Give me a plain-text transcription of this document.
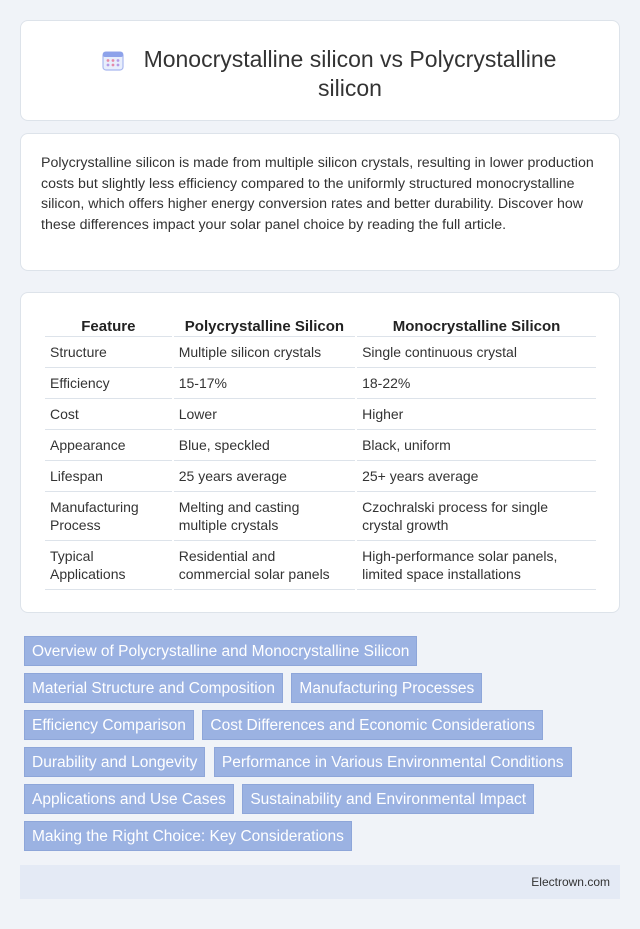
Monocrystalline silicon vs Polycrystalline silicon

Polycrystalline silicon is made from multiple silicon crystals, resulting in lower production costs but slightly less efficiency compared to the uniformly structured monocrystalline silicon, which offers higher energy conversion rates and better durability. Discover how these differences impact your solar panel choice by reading the full article.

Feature	Polycrystalline Silicon	Monocrystalline Silicon
Structure	Multiple silicon crystals	Single continuous crystal
Efficiency	15-17%	18-22%
Cost	Lower	Higher
Appearance	Blue, speckled	Black, uniform
Lifespan	25 years average	25+ years average
Manufacturing Process	Melting and casting multiple crystals	Czochralski process for single crystal growth
Typical Applications	Residential and commercial solar panels	High-performance solar panels, limited space installations
Overview of Polycrystalline and Monocrystalline Silicon
Material Structure and Composition Manufacturing Processes
Efficiency Comparison Cost Differences and Economic Considerations
Durability and Longevity Performance in Various Environmental Conditions
Applications and Use Cases Sustainability and Environmental Impact
Making the Right Choice: Key Considerations
Electrown.com
